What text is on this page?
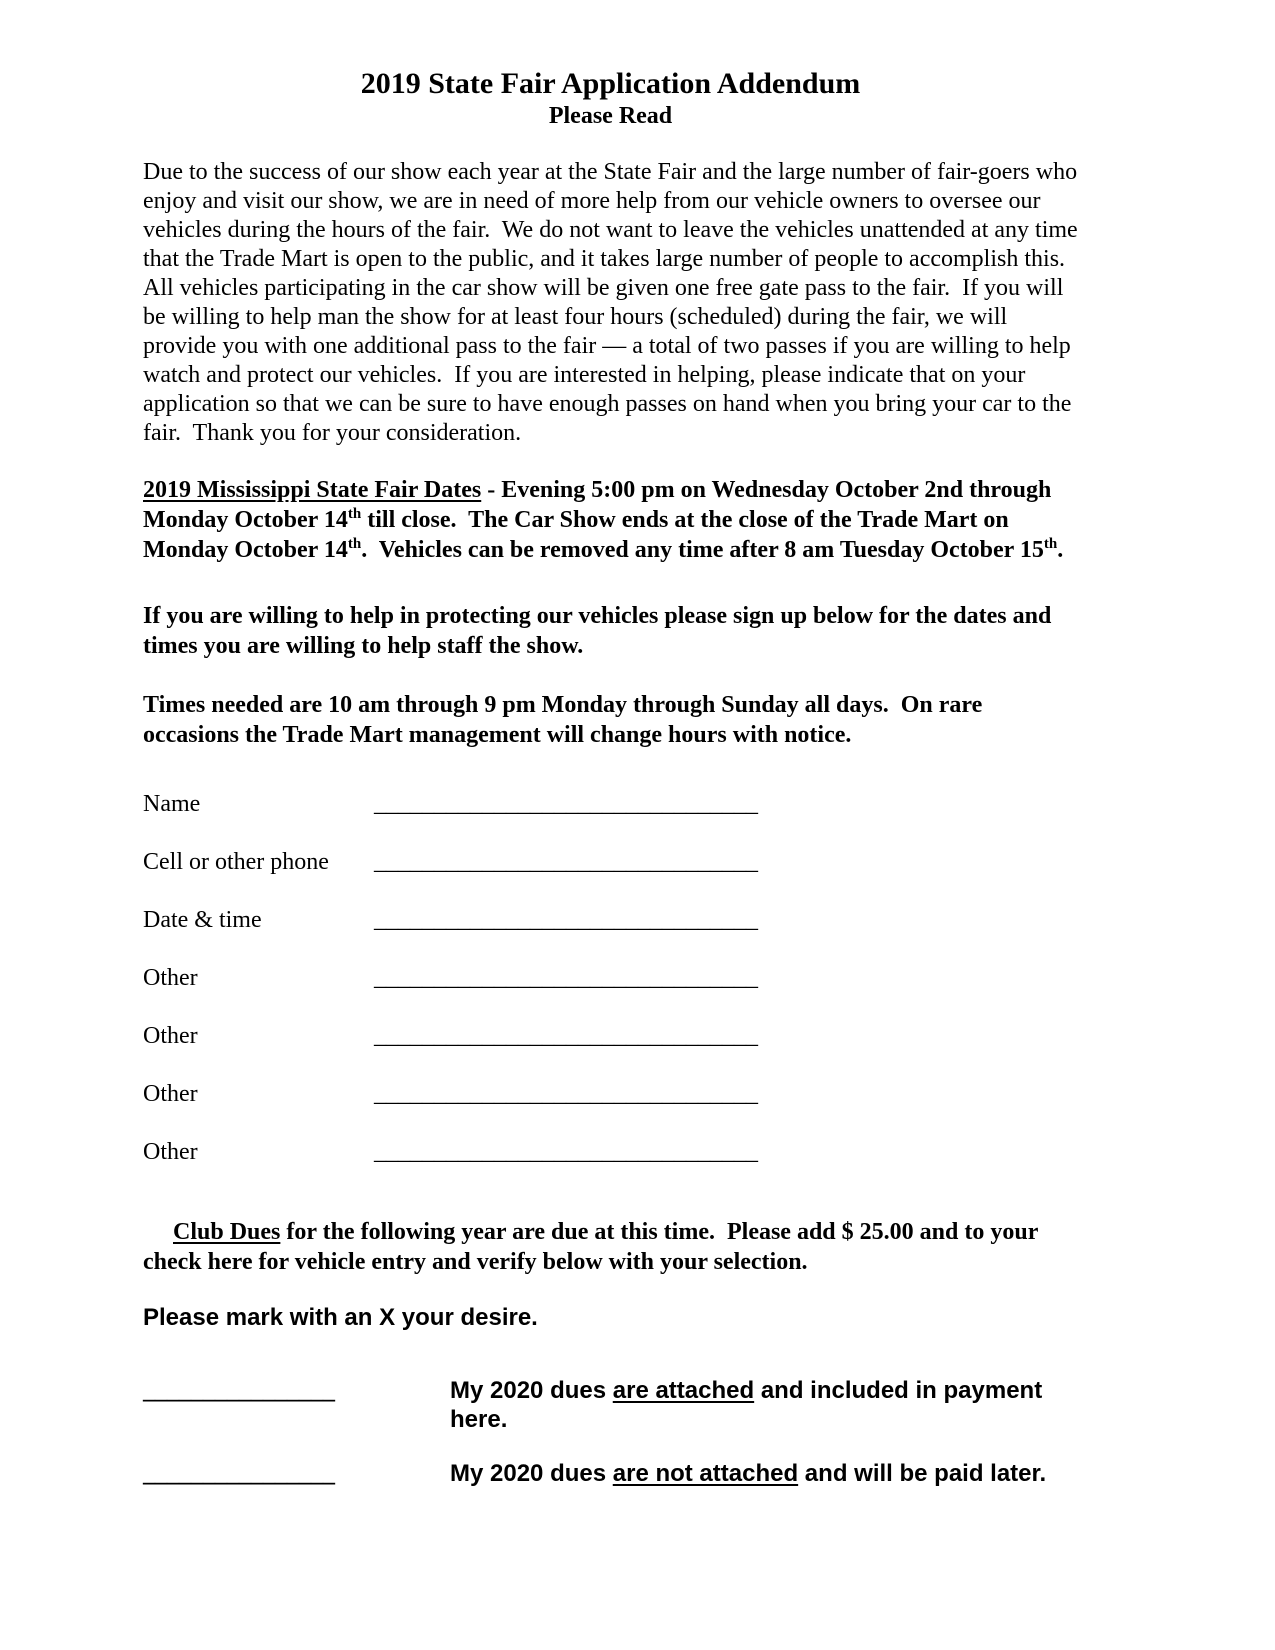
2019 State Fair Application Addendum
Please Read

Due to the success of our show each year at the State Fair and the large number of fair-goers who enjoy and visit our show, we are in need of more help from our vehicle owners to oversee our vehicles during the hours of the fair.  We do not want to leave the vehicles unattended at any time that the Trade Mart is open to the public, and it takes large number of people to accomplish this.

All vehicles participating in the car show will be given one free gate pass to the fair.  If you will be willing to help man the show for at least four hours (scheduled) during the fair, we will provide you with one additional pass to the fair — a total of two passes if you are willing to help watch and protect our vehicles.  If you are interested in helping, please indicate that on your application so that we can be sure to have enough passes on hand when you bring your car to the fair.  Thank you for your consideration.

2019 Mississippi State Fair Dates - Evening 5:00 pm on Wednesday October 2nd through Monday October 14th till close.  The Car Show ends at the close of the Trade Mart on Monday October 14th.  Vehicles can be removed any time after 8 am Tuesday October 15th.

If you are willing to help in protecting our vehicles please sign up below for the dates and times you are willing to help staff the show.

Times needed are 10 am through 9 pm Monday through Sunday all days.  On rare occasions the Trade Mart management will change hours with notice.

Name	________________________________
Cell or other phone	________________________________
Date & time	________________________________
Other	________________________________
Other	________________________________
Other	________________________________
Other	________________________________

Club Dues for the following year are due at this time.  Please add $ 25.00 and to your check here for vehicle entry and verify below with your selection.

Please mark with an X your desire.

________________	My 2020 dues are attached and included in payment here.
________________	My 2020 dues are not attached and will be paid later.
